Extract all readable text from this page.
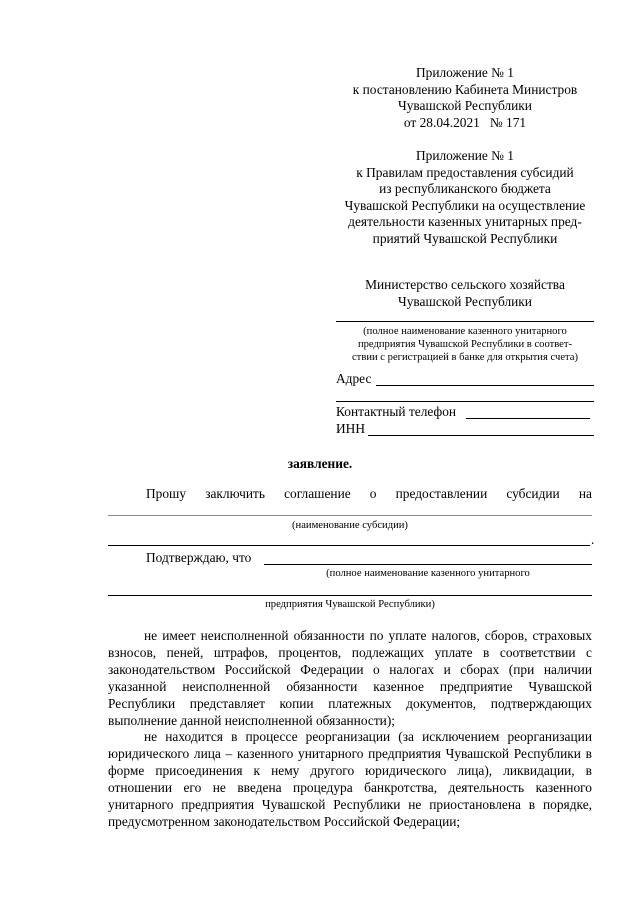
Приложение № 1
к постановлению Кабинета Министров
Чувашской Республики
от 28.04.2021   № 171
Приложение № 1
к Правилам предоставления субсидий
из республиканского бюджета
Чувашской Республики на осуществление
деятельности казенных унитарных пред-
приятий Чувашской Республики
Министерство сельского хозяйства
Чувашской Республики
(полное наименование казенного унитарного
предприятия Чувашской Республики в соответ-
ствии с регистрацией в банке для открытия счета)
Адрес
Контактный телефон
ИНН
заявление.
Прошу заключить соглашение о предоставлении субсидии на
(наименование субсидии)
.
Подтверждаю, что
(полное наименование казенного унитарного
предприятия Чувашской Республики)
не имеет неисполненной обязанности по уплате налогов, сборов, страховых взносов, пеней, штрафов, процентов, подлежащих уплате в соответствии с законодательством Российской Федерации о налогах и сборах (при наличии указанной неисполненной обязанности казенное предприятие Чувашской Республики представляет копии платежных документов, подтверждающих выполнение данной неисполненной обязанности);
не находится в процессе реорганизации (за исключением реорганизации юридического лица – казенного унитарного предприятия Чувашской Республики в форме присоединения к нему другого юридического лица), ликвидации, в отношении его не введена процедура банкротства, деятельность казенного унитарного предприятия Чувашской Республики не приостановлена в порядке, предусмотренном законодательством Российской Федерации;
